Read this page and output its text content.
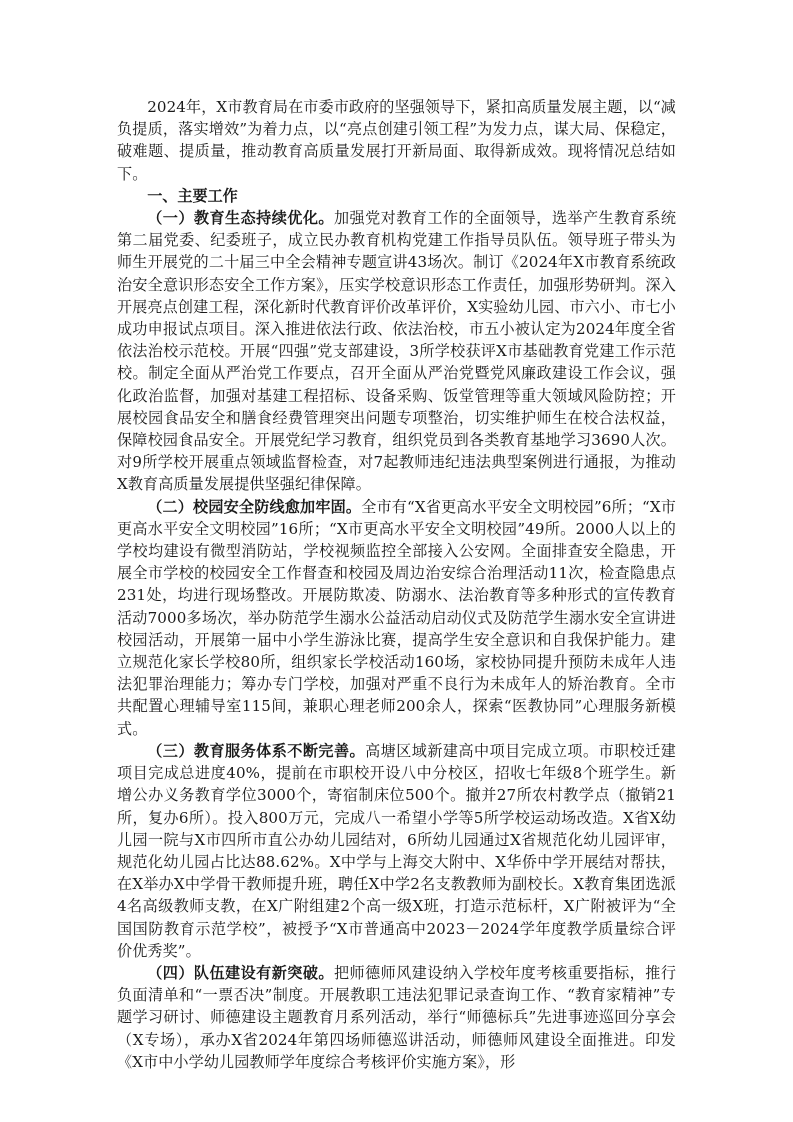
2024年，X市教育局在市委市政府的坚强领导下，紧扣高质量发展主题，以“减负提质，落实增效”为着力点，以“亮点创建引领工程”为发力点，谋大局、保稳定，破难题、提质量，推动教育高质量发展打开新局面、取得新成效。现将情况总结如下。

一、主要工作

（一）教育生态持续优化。加强党对教育工作的全面领导，选举产生教育系统第二届党委、纪委班子，成立民办教育机构党建工作指导员队伍。领导班子带头为师生开展党的二十届三中全会精神专题宣讲43场次。制订《2024年X市教育系统政治安全意识形态安全工作方案》，压实学校意识形态工作责任，加强形势研判。深入开展亮点创建工程，深化新时代教育评价改革评价，X实验幼儿园、市六小、市七小成功申报试点项目。深入推进依法行政、依法治校，市五小被认定为2024年度全省依法治校示范校。开展“四强”党支部建设，3所学校获评X市基础教育党建工作示范校。制定全面从严治党工作要点，召开全面从严治党暨党风廉政建设工作会议，强化政治监督，加强对基建工程招标、设备采购、饭堂管理等重大领域风险防控；开展校园食品安全和膳食经费管理突出问题专项整治，切实维护师生在校合法权益，保障校园食品安全。开展党纪学习教育，组织党员到各类教育基地学习3690人次。对9所学校开展重点领域监督检查，对7起教师违纪违法典型案例进行通报，为推动X教育高质量发展提供坚强纪律保障。

（二）校园安全防线愈加牢固。全市有“X省更高水平安全文明校园”6所；“X市更高水平安全文明校园”16所；“X市更高水平安全文明校园”49所。2000人以上的学校均建设有微型消防站，学校视频监控全部接入公安网。全面排查安全隐患，开展全市学校的校园安全工作督查和校园及周边治安综合治理活动11次，检查隐患点231处，均进行现场整改。开展防欺凌、防溺水、法治教育等多种形式的宣传教育活动7000多场次，举办防范学生溺水公益活动启动仪式及防范学生溺水安全宣讲进校园活动，开展第一届中小学生游泳比赛，提高学生安全意识和自我保护能力。建立规范化家长学校80所，组织家长学校活动160场，家校协同提升预防未成年人违法犯罪治理能力；筹办专门学校，加强对严重不良行为未成年人的矫治教育。全市共配置心理辅导室115间，兼职心理老师200余人，探索“医教协同”心理服务新模式。

（三）教育服务体系不断完善。高塘区域新建高中项目完成立项。市职校迁建项目完成总进度40%，提前在市职校开设八中分校区，招收七年级8个班学生。新增公办义务教育学位3000个，寄宿制床位500个。撤并27所农村教学点（撤销21所，复办6所）。投入800万元，完成八一希望小学等5所学校运动场改造。X省X幼儿园一院与X市四所市直公办幼儿园结对，6所幼儿园通过X省规范化幼儿园评审，规范化幼儿园占比达88.62%。X中学与上海交大附中、X华侨中学开展结对帮扶，在X举办X中学骨干教师提升班，聘任X中学2名支教教师为副校长。X教育集团选派4名高级教师支教，在X广附组建2个高一级X班，打造示范标杆，X广附被评为“全国国防教育示范学校”，被授予“X市普通高中2023－2024学年度教学质量综合评价优秀奖”。

（四）队伍建设有新突破。把师德师风建设纳入学校年度考核重要指标，推行负面清单和“一票否决”制度。开展教职工违法犯罪记录查询工作、“教育家精神”专题学习研讨、师德建设主题教育月系列活动，举行“师德标兵”先进事迹巡回分享会（X专场），承办X省2024年第四场师德巡讲活动，师德师风建设全面推进。印发《X市中小学幼儿园教师学年度综合考核评价实施方案》，形
